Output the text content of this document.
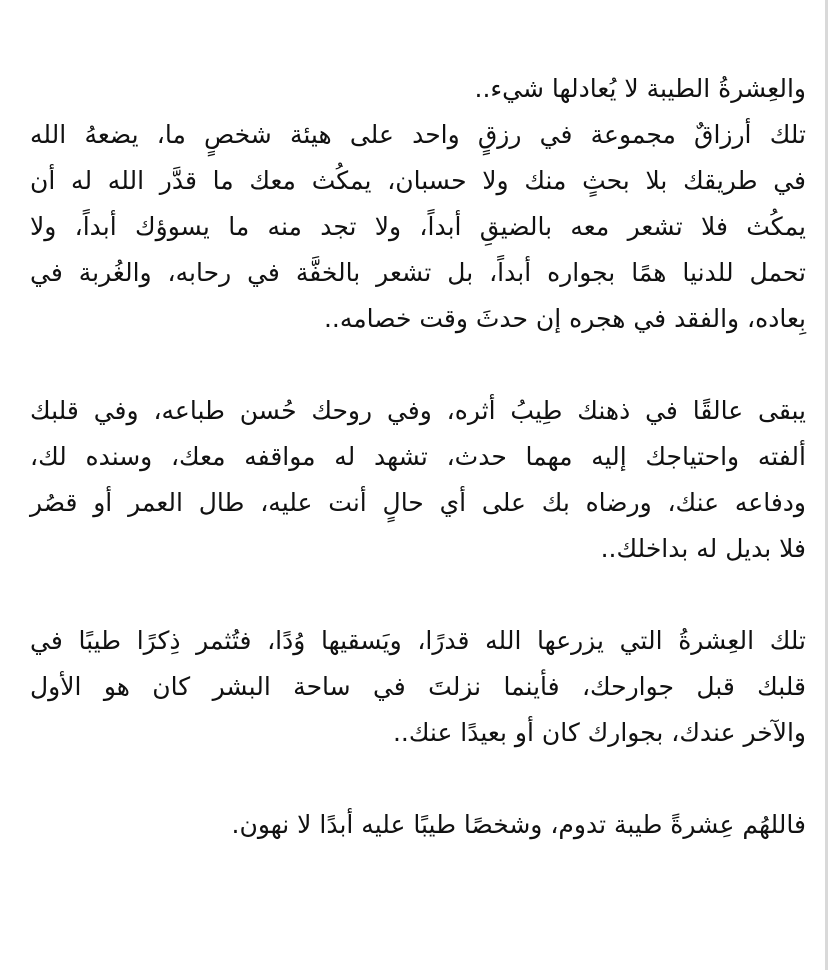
والعِشرةُ الطيبة لا يُعادلها شيء..
تلك أرزاقٌ مجموعة في رزقٍ واحد على هيئة شخصٍ ما، يضعهُ الله
في طريقك بلا بحثٍ منك ولا حسبان، يمكُث معك ما قدَّر الله له أن
يمكُث فلا تشعر معه بالضيقِ أبداً، ولا تجد منه ما يسوؤك أبداً، ولا
تحمل للدنيا همًا بجواره أبداً، بل تشعر بالخفَّة في رحابه، والغُربة في
بِعاده، والفقد في هجره إن حدثَ وقت خصامه..

يبقى عالقًا في ذهنك طِيبُ أثره، وفي روحك حُسن طباعه، وفي قلبك
ألفته واحتياجك إليه مهما حدث، تشهد له مواقفه معك، وسنده لك،
ودفاعه عنك، ورضاه بك على أي حالٍ أنت عليه، طال العمر أو قصُر
فلا بديل له بداخلك..

تلك العِشرةُ التي يزرعها الله قدرًا، ويَسقيها وُدًا، فتُثمر ذِكرًا طيبًا في
قلبك قبل جوارحك، فأينما نزلتَ في ساحة البشر كان هو الأول
والآخر عندك، بجوارك كان أو بعيدًا عنك..

فاللهُم عِشرةً طيبة تدوم، وشخصًا طيبًا عليه أبدًا لا نهون.
